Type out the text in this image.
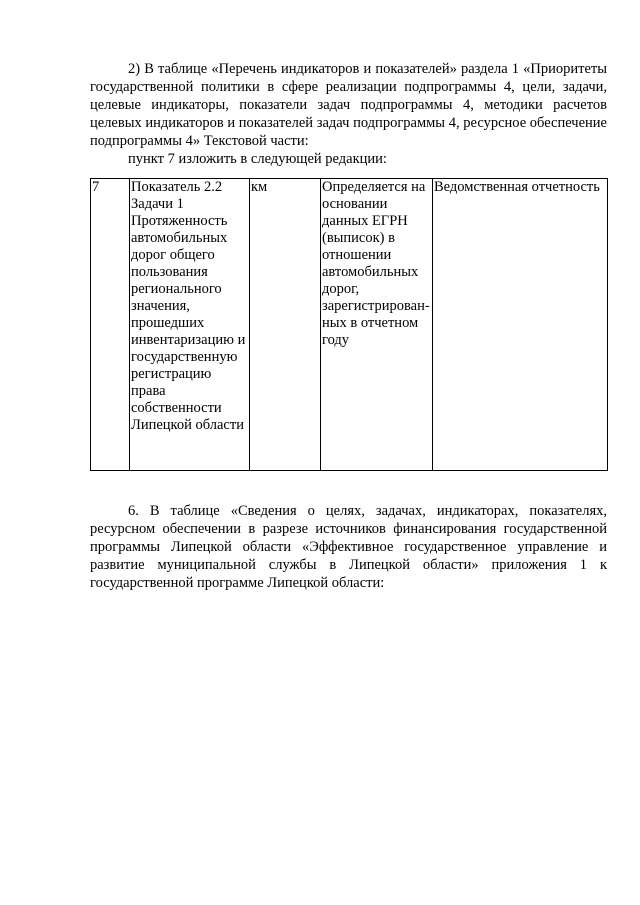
2) В таблице «Перечень индикаторов и показателей» раздела 1 «Приоритеты государственной политики в сфере реализации подпрограммы 4, цели, задачи, целевые индикаторы, показатели задач подпрограммы 4, методики расчетов целевых индикаторов и показателей задач подпрограммы 4, ресурсное обеспечение подпрограммы 4» Текстовой части:

пункт 7 изложить в следующей редакции:

7	Показатель 2.2 Задачи 1 Протяженность автомобильных дорог общего пользования регионального значения, прошедших инвентаризацию и государственную регистрацию права собственности Липецкой области	км	Определяется на основании данных ЕГРН (выписок) в отношении автомобильных дорог, зарегистрирован-ных в отчетном году	Ведомственная отчетность

6. В таблице «Сведения о целях, задачах, индикаторах, показателях, ресурсном обеспечении в разрезе источников финансирования государственной программы Липецкой области «Эффективное государственное управление и развитие муниципальной службы в Липецкой области» приложения 1 к государственной программе Липецкой области:
